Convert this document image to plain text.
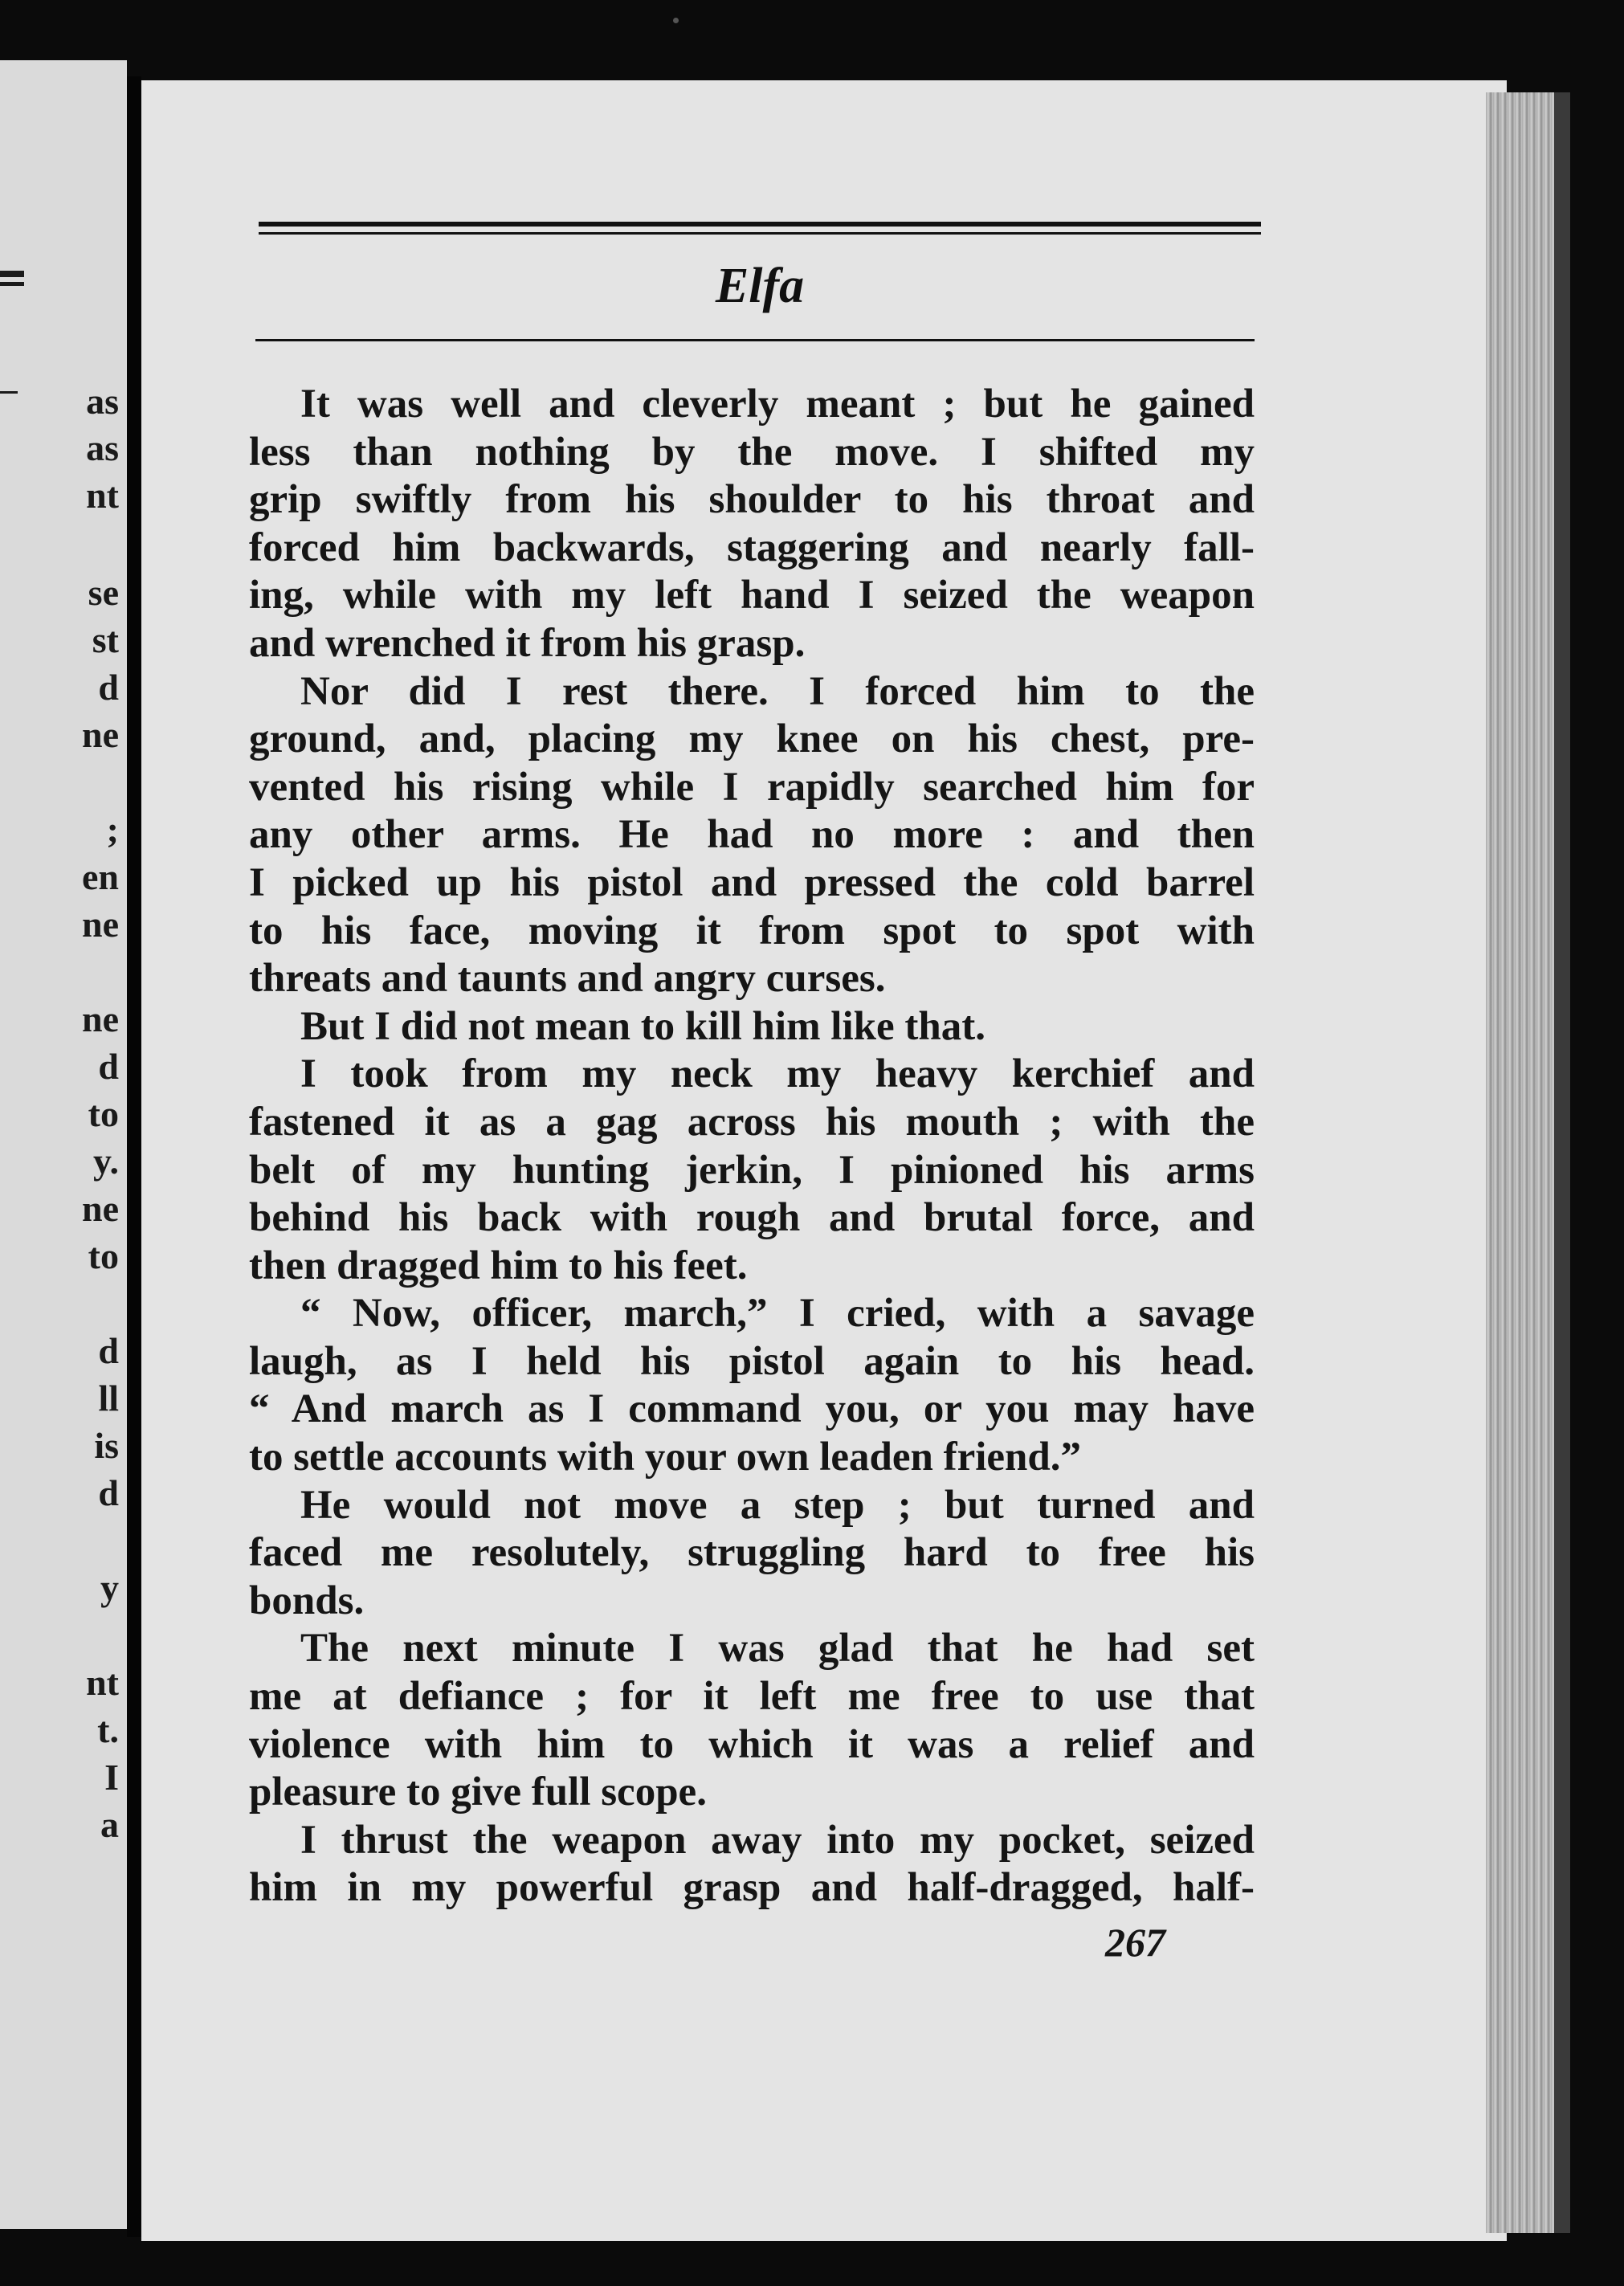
as
as
nt
se
st
d
ne
;
en
ne
ne
d
to
y.
ne
to
d
ll
is
d
y
nt
t.
I
a
Elfa
It was well and cleverly meant ; but he gained
less than nothing by the move. I shifted my
grip swiftly from his shoulder to his throat and
forced him backwards, staggering and nearly fall-
ing, while with my left hand I seized the weapon
and wrenched it from his grasp.
Nor did I rest there. I forced him to the
ground, and, placing my knee on his chest, pre-
vented his rising while I rapidly searched him for
any other arms. He had no more : and then
I picked up his pistol and pressed the cold barrel
to his face, moving it from spot to spot with
threats and taunts and angry curses.
But I did not mean to kill him like that.
I took from my neck my heavy kerchief and
fastened it as a gag across his mouth ; with the
belt of my hunting jerkin, I pinioned his arms
behind his back with rough and brutal force, and
then dragged him to his feet.
“ Now, officer, march,” I cried, with a savage
laugh, as I held his pistol again to his head.
“ And march as I command you, or you may have
to settle accounts with your own leaden friend.”
He would not move a step ; but turned and
faced me resolutely, struggling hard to free his
bonds.
The next minute I was glad that he had set
me at defiance ; for it left me free to use that
violence with him to which it was a relief and
pleasure to give full scope.
I thrust the weapon away into my pocket, seized
him in my powerful grasp and half-dragged, half-
267
